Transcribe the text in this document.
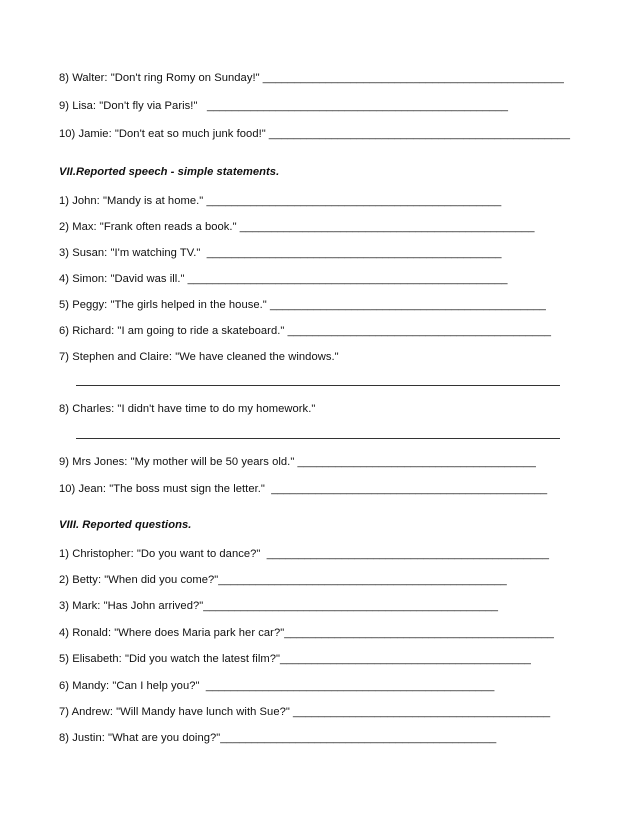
8) Walter: "Don't ring Romy on Sunday!" ________________________________________________
9) Lisa: "Don't fly via Paris!"   ________________________________________________
10) Jamie: "Don't eat so much junk food!" ________________________________________________
VII.Reported speech - simple statements.
1) John: "Mandy is at home." _______________________________________________
2) Max: "Frank often reads a book." _______________________________________________
3) Susan: "I'm watching TV."  _______________________________________________
4) Simon: "David was ill." ___________________________________________________
5) Peggy: "The girls helped in the house." ____________________________________________
6) Richard: "I am going to ride a skateboard." __________________________________________
7) Stephen and Claire: "We have cleaned the windows."
8) Charles: "I didn't have time to do my homework."
9) Mrs Jones: "My mother will be 50 years old." ______________________________________
10) Jean: "The boss must sign the letter."  ____________________________________________
VIII. Reported questions.
1) Christopher: "Do you want to dance?"  _____________________________________________
2) Betty: "When did you come?"______________________________________________
3) Mark: "Has John arrived?"_______________________________________________
4) Ronald: "Where does Maria park her car?"___________________________________________
5) Elisabeth: "Did you watch the latest film?"________________________________________
6) Mandy: "Can I help you?"  ______________________________________________
7) Andrew: "Will Mandy have lunch with Sue?" _________________________________________
8) Justin: "What are you doing?"____________________________________________
